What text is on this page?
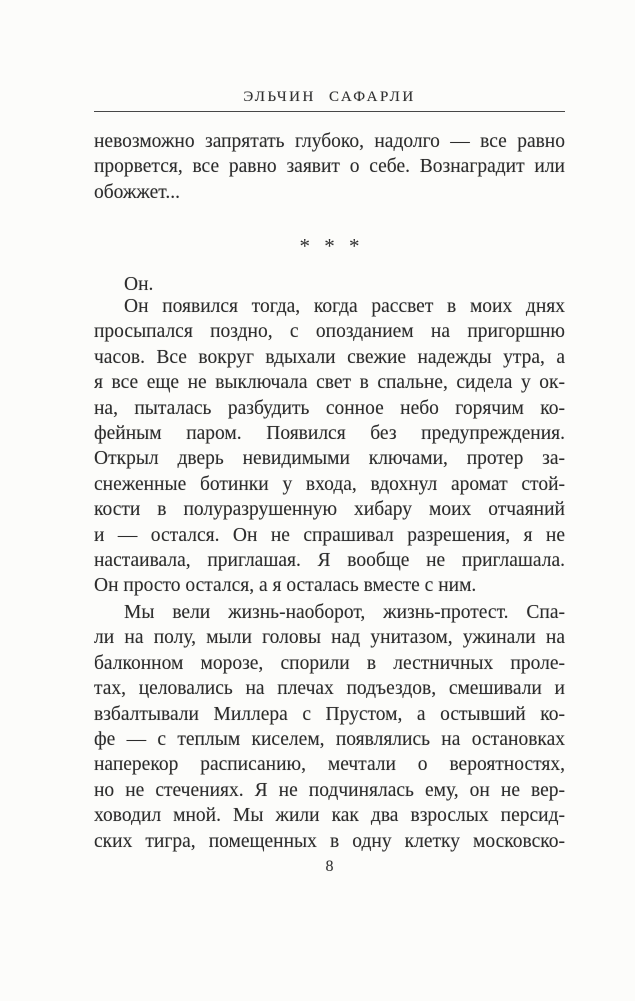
ЭЛЬЧИН САФАРЛИ
невозможно запрятать глубоко, надолго — все равно
прорвется, все равно заявит о себе. Вознаградит или
обожжет...
* * *
Он.
Он появился тогда, когда рассвет в моих днях
просыпался поздно, с опозданием на пригоршню
часов. Все вокруг вдыхали свежие надежды утра, а
я все еще не выключала свет в спальне, сидела у ок-
на, пыталась разбудить сонное небо горячим ко-
фейным паром. Появился без предупреждения.
Открыл дверь невидимыми ключами, протер за-
снеженные ботинки у входа, вдохнул аромат стой-
кости в полуразрушенную хибару моих отчаяний
и — остался. Он не спрашивал разрешения, я не
настаивала, приглашая. Я вообще не приглашала.
Он просто остался, а я осталась вместе с ним.
Мы вели жизнь-наоборот, жизнь-протест. Спа-
ли на полу, мыли головы над унитазом, ужинали на
балконном морозе, спорили в лестничных проле-
тах, целовались на плечах подъездов, смешивали и
взбалтывали Миллера с Прустом, а остывший ко-
фе — с теплым киселем, появлялись на остановках
наперекор расписанию, мечтали о вероятностях,
но не стечениях. Я не подчинялась ему, он не вер-
ховодил мной. Мы жили как два взрослых персид-
ских тигра, помещенных в одну клетку московско-
8
